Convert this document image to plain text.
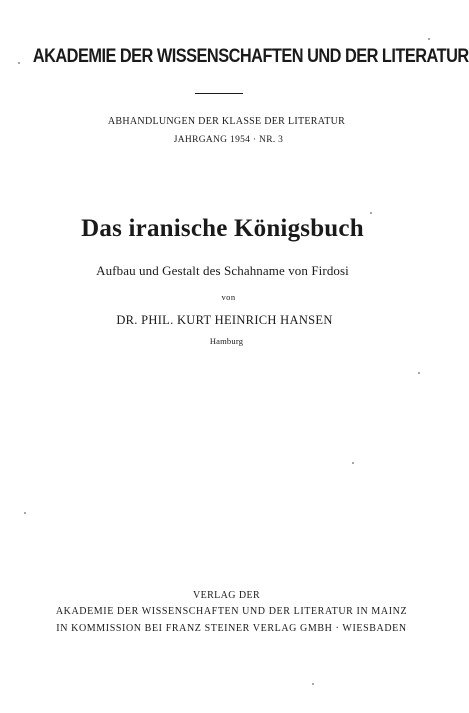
AKADEMIE DER WISSENSCHAFTEN UND DER LITERATUR
ABHANDLUNGEN DER KLASSE DER LITERATUR
JAHRGANG 1954 · NR. 3
Das iranische Königsbuch
Aufbau und Gestalt des Schahname von Firdosi
von
DR. PHIL. KURT HEINRICH HANSEN
Hamburg
VERLAG DER
AKADEMIE DER WISSENSCHAFTEN UND DER LITERATUR IN MAINZ
IN KOMMISSION BEI FRANZ STEINER VERLAG GMBH · WIESBADEN
